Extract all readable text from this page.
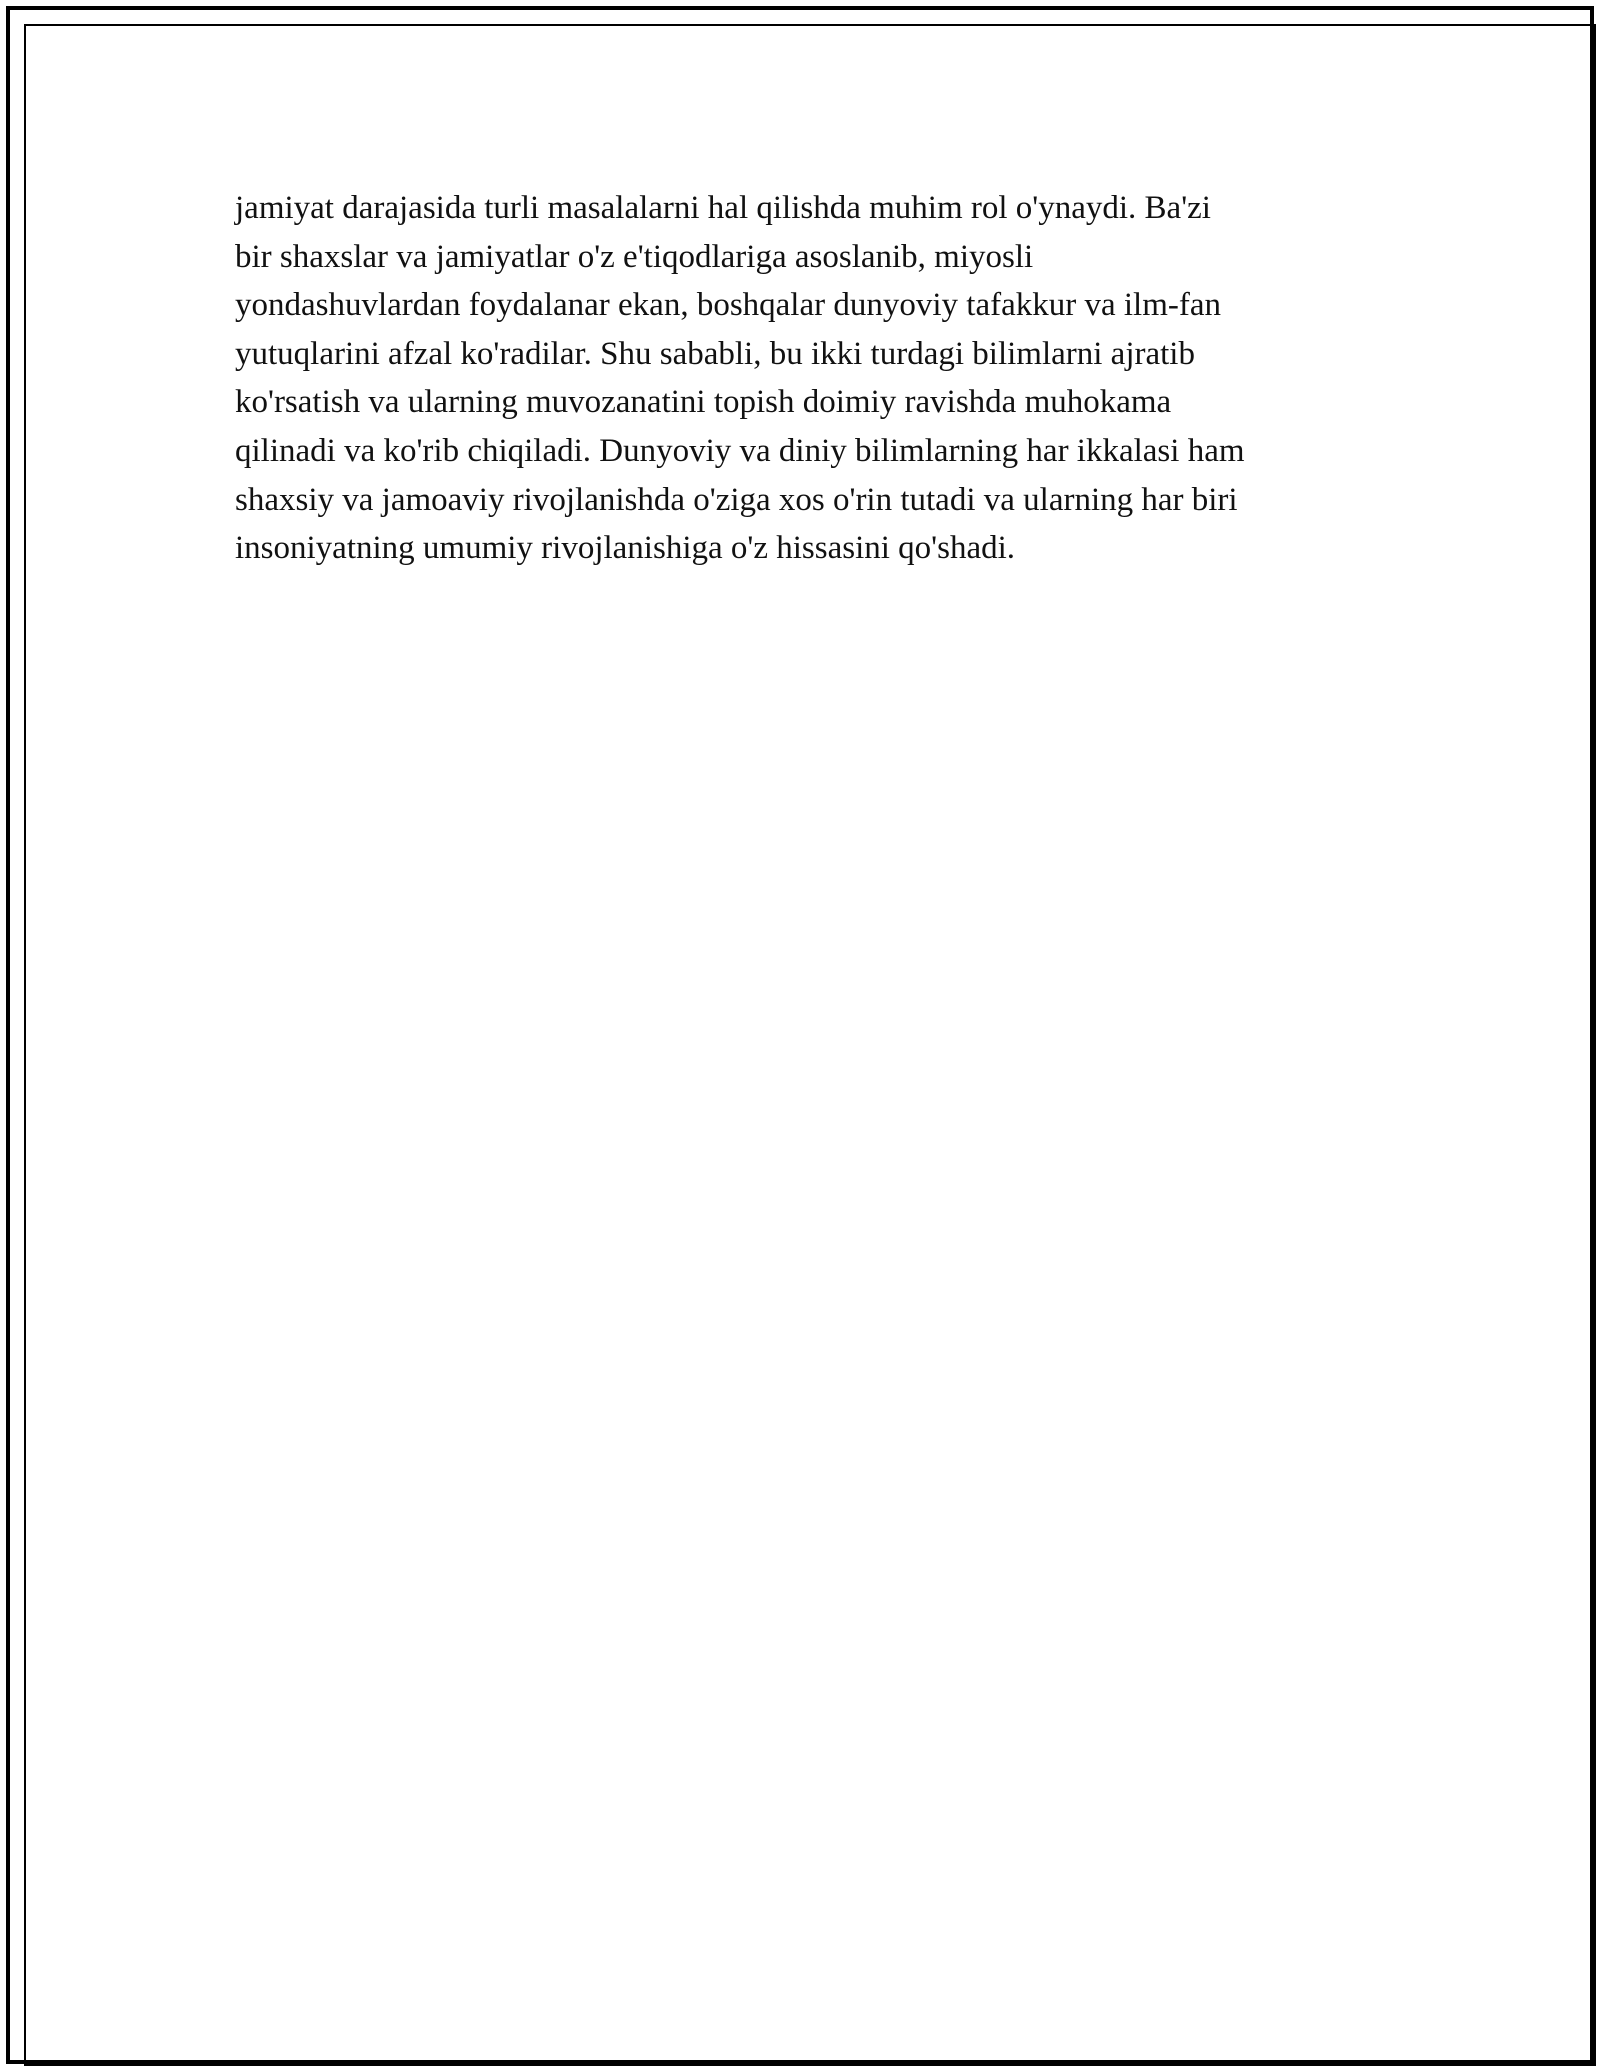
jamiyat darajasida turli masalalarni hal qilishda muhim rol o'ynaydi. Ba'zi
bir shaxslar va jamiyatlar o'z e'tiqodlariga asoslanib, miyosli
yondashuvlardan foydalanar ekan, boshqalar dunyoviy tafakkur va ilm-fan
yutuqlarini afzal ko'radilar. Shu sababli, bu ikki turdagi bilimlarni ajratib
ko'rsatish va ularning muvozanatini topish doimiy ravishda muhokama
qilinadi va ko'rib chiqiladi. Dunyoviy va diniy bilimlarning har ikkalasi ham
shaxsiy va jamoaviy rivojlanishda o'ziga xos o'rin tutadi va ularning har biri
insoniyatning umumiy rivojlanishiga o'z hissasini qo'shadi.
